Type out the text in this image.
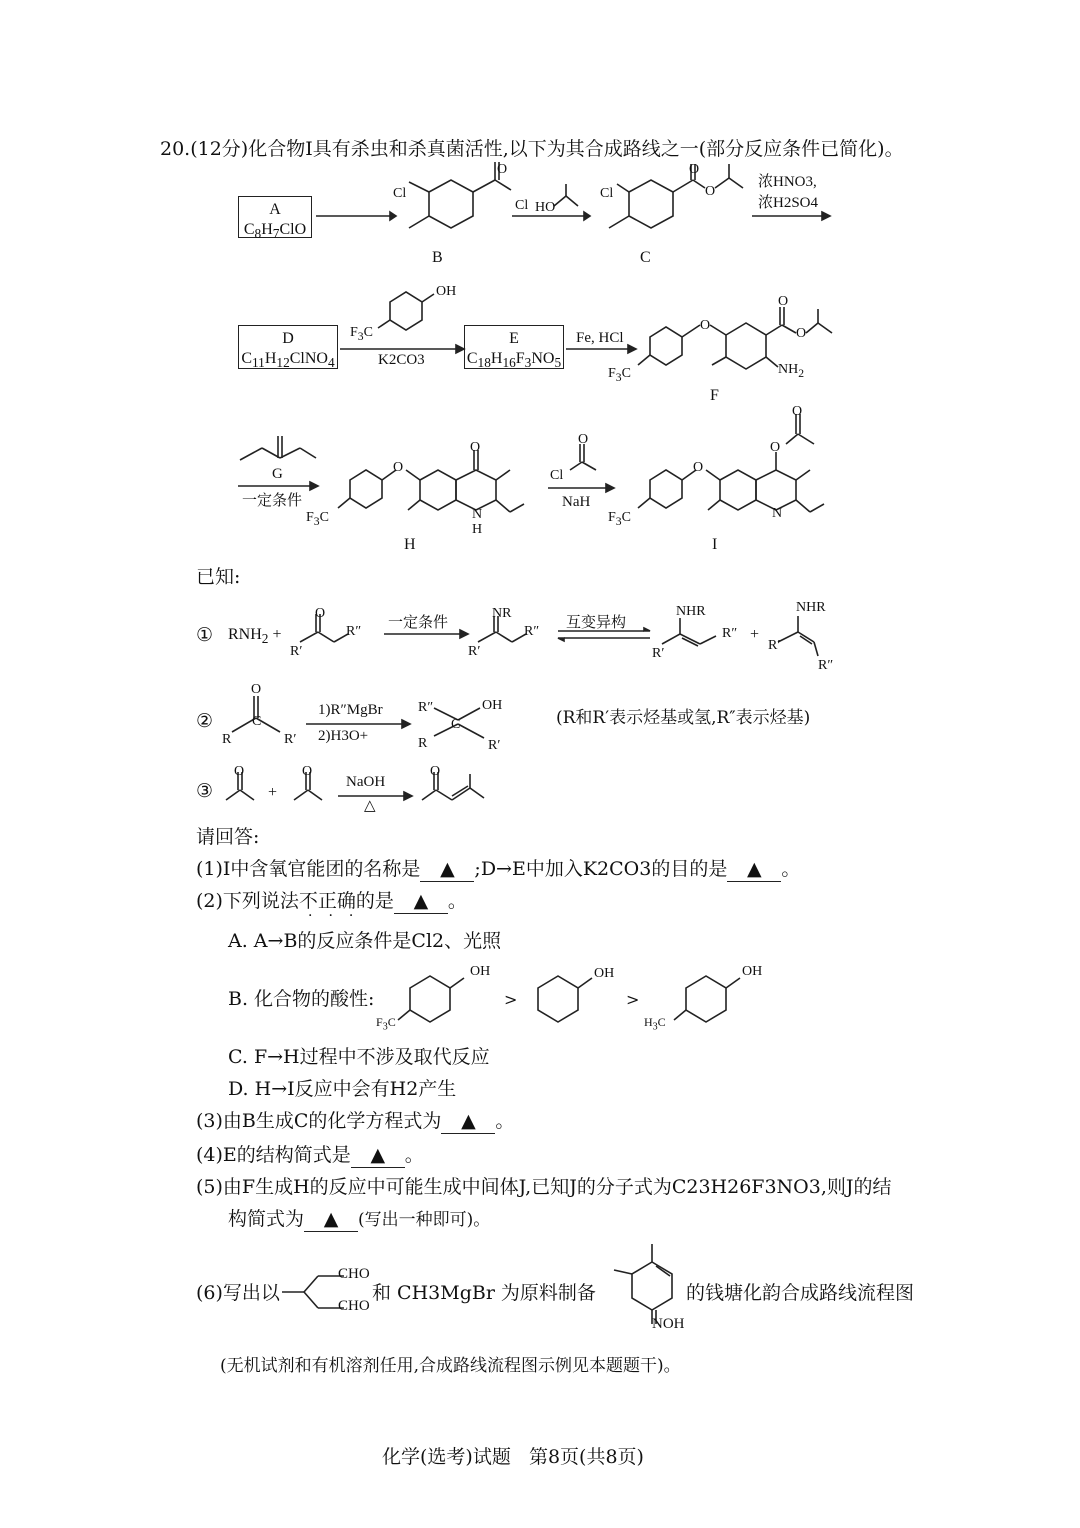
20.(12分)化合物I具有杀虫和杀真菌活性,以下为其合成路线之一(部分反应条件已简化)。
A
$C_8H_7ClO$
Cl
O
Cl
B
HO
Cl
O
O
C
浓HNO3,
浓H2SO4
D
$C_{11}H_{12}ClNO_4$
OH
$F_3C$
K2CO3
E
$C_{18}H_{16}F_3NO_5$
Fe, HCl
O
O
O
$NH_2$
$F_3C$
F
G
一定条件
O
O
N
H
$F_3C$
H
Cl
O
NaH
O
O
O
N
$F_3C$
I
已知:
① $RNH_2$ +
O
R′
R″
一定条件	NR
R′
R″
互变异构
NHR
R′
R″ +
NHR
R′
R″
②
O
C
R	R′
1)R″MgBr
2)H3O+
R″	OH
C
R	R′
(R和R′表示烃基或氢,R″表示烃基)
③
O
+
O
NaOH
△
O
请回答:
(1)I中含氧官能团的名称是 ▲ ;D→E中加入K2CO3的目的是 ▲ 。
(2)下列说法不正确的是 ▲ 。
···
A. A→B的反应条件是Cl2、光照
B. 化合物的酸性:
OH
$F_3C$
>
OH
>
OH
$H_3C$
C. F→H过程中不涉及取代反应
D. H→I反应中会有H2产生
(3)由B生成C的化学方程式为 ▲ 。
(4)E的结构简式是 ▲ 。
(5)由F生成H的反应中可能生成中间体J,已知J的分子式为C23H26F3NO3,则J的结
构简式为 ▲ (写出一种即可)。
(6)写出以
CHO
CHO
和 CH3MgBr 为原料制备
NOH
的钱塘化韵合成路线流程图
(无机试剂和有机溶剂任用,合成路线流程图示例见本题题干)。
化学(选考)试题   第8页(共8页)
